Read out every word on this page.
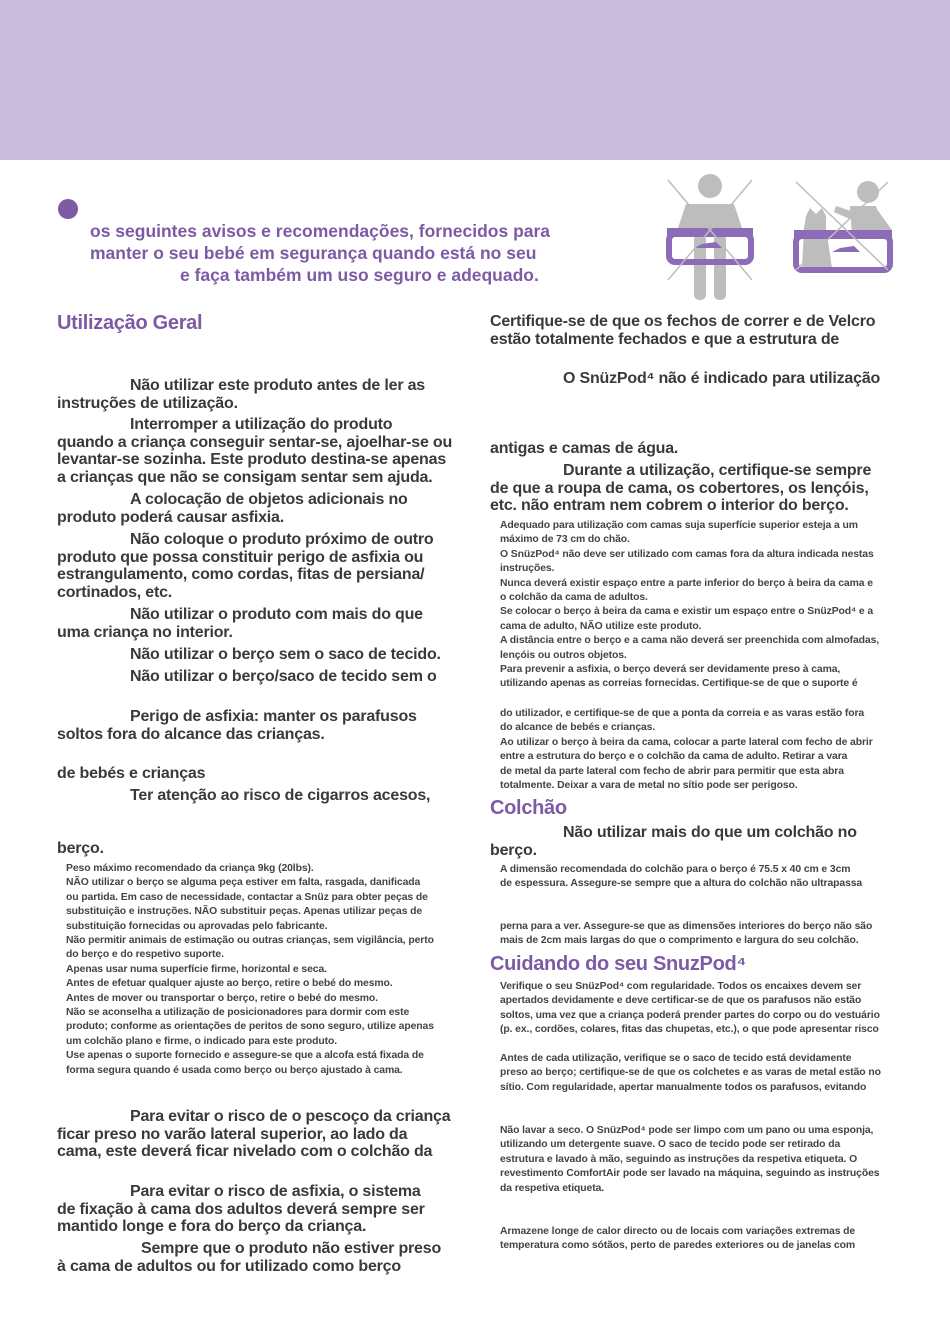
os seguintes avisos e recomendações, fornecidos para
manter o seu bebé em segurança quando está no seu
e faça também um uso seguro e adequado.
Utilização Geral
Não utilizar este produto antes de ler as
instruções de utilização.
Interromper a utilização do produto
quando a criança conseguir sentar-se, ajoelhar-se ou
levantar-se sozinha. Este produto destina-se apenas
a crianças que não se consigam sentar sem ajuda.
A colocação de objetos adicionais no
produto poderá causar asfixia.
Não coloque o produto próximo de outro
produto que possa constituir perigo de asfixia ou
estrangulamento, como cordas, fitas de persiana/
cortinados, etc.
Não utilizar o produto com mais do que
uma criança no interior.
Não utilizar o berço sem o saco de tecido.
Não utilizar o berço/saco de tecido sem o
Perigo de asfixia: manter os parafusos
soltos fora do alcance das crianças.
de bebés e crianças
Ter atenção ao risco de cigarros acesos,
berço.
Peso máximo recomendado da criança 9kg (20lbs).
NÃO utilizar o berço se alguma peça estiver em falta, rasgada, danificada
ou partida. Em caso de necessidade, contactar a Snüz para obter peças de
substituição e instruções. NÃO substituir peças. Apenas utilizar peças de
substituição fornecidas ou aprovadas pelo fabricante.
Não permitir animais de estimação ou outras crianças, sem vigilância, perto
do berço e do respetivo suporte.
Apenas usar numa superfície firme, horizontal e seca.
Antes de efetuar qualquer ajuste ao berço, retire o bebé do mesmo.
Antes de mover ou transportar o berço, retire o bebé do mesmo.
Não se aconselha a utilização de posicionadores para dormir com este
produto; conforme as orientações de peritos de sono seguro, utilize apenas
um colchão plano e firme, o indicado para este produto.
Use apenas o suporte fornecido e assegure-se que a alcofa está fixada de
forma segura quando é usada como berço ou berço ajustado à cama.
Para evitar o risco de o pescoço da criança
ficar preso no varão lateral superior, ao lado da
cama, este deverá ficar nivelado com o colchão da
Para evitar o risco de asfixia, o sistema
de fixação à cama dos adultos deverá sempre ser
mantido longe e fora do berço da criança.
Sempre que o produto não estiver preso
à cama de adultos ou for utilizado como berço
Certifique-se de que os fechos de correr e de Velcro
estão totalmente fechados e que a estrutura de
O SnüzPod⁴ não é indicado para utilização
antigas e camas de água.
Durante a utilização, certifique-se sempre
de que a roupa de cama, os cobertores, os lençóis,
etc. não entram nem cobrem o interior do berço.
Adequado para utilização com camas suja superfície superior esteja a um
máximo de 73 cm do chão.
O SnüzPod⁴ não deve ser utilizado com camas fora da altura indicada nestas
instruções.
Nunca deverá existir espaço entre a parte inferior do berço à beira da cama e
o colchão da cama de adultos.
Se colocar o berço à beira da cama e existir um espaço entre o SnüzPod⁴ e a
cama de adulto, NÃO utilize este produto.
A distância entre o berço e a cama não deverá ser preenchida com almofadas,
lençóis ou outros objetos.
Para prevenir a asfixia, o berço deverá ser devidamente preso à cama,
utilizando apenas as correias fornecidas. Certifique-se de que o suporte é
do utilizador, e certifique-se de que a ponta da correia e as varas estão fora
do alcance de bebés e crianças.
Ao utilizar o berço à beira da cama, colocar a parte lateral com fecho de abrir
entre a estrutura do berço e o colchão da cama de adulto. Retirar a vara
de metal da parte lateral com fecho de abrir para permitir que esta abra
totalmente. Deixar a vara de metal no sítio pode ser perigoso.
Colchão
Não utilizar mais do que um colchão no
berço.
A dimensão recomendada do colchão para o berço é 75.5 x 40 cm e 3cm
de espessura. Assegure-se sempre que a altura do colchão não ultrapassa
perna para a ver. Assegure-se que as dimensões interiores do berço não são
mais de 2cm mais largas do que o comprimento e largura do seu colchão.
Cuidando do seu SnuzPod⁴
Verifique o seu SnüzPod⁴ com regularidade. Todos os encaixes devem ser
apertados devidamente e deve certificar-se de que os parafusos não estão
soltos, uma vez que a criança poderá prender partes do corpo ou do vestuário
(p. ex., cordões, colares, fitas das chupetas, etc.), o que pode apresentar risco
Antes de cada utilização, verifique se o saco de tecido está devidamente
preso ao berço; certifique-se de que os colchetes e as varas de metal estão no
sítio. Com regularidade, apertar manualmente todos os parafusos, evitando
Não lavar a seco. O SnüzPod⁴ pode ser limpo com um pano ou uma esponja,
utilizando um detergente suave. O saco de tecido pode ser retirado da
estrutura e lavado à mão, seguindo as instruções da respetiva etiqueta. O
revestimento ComfortAir pode ser lavado na máquina, seguindo as instruções
da respetiva etiqueta.
Armazene longe de calor directo ou de locais com variações extremas de
temperatura como sótãos, perto de paredes exteriores ou de janelas com
